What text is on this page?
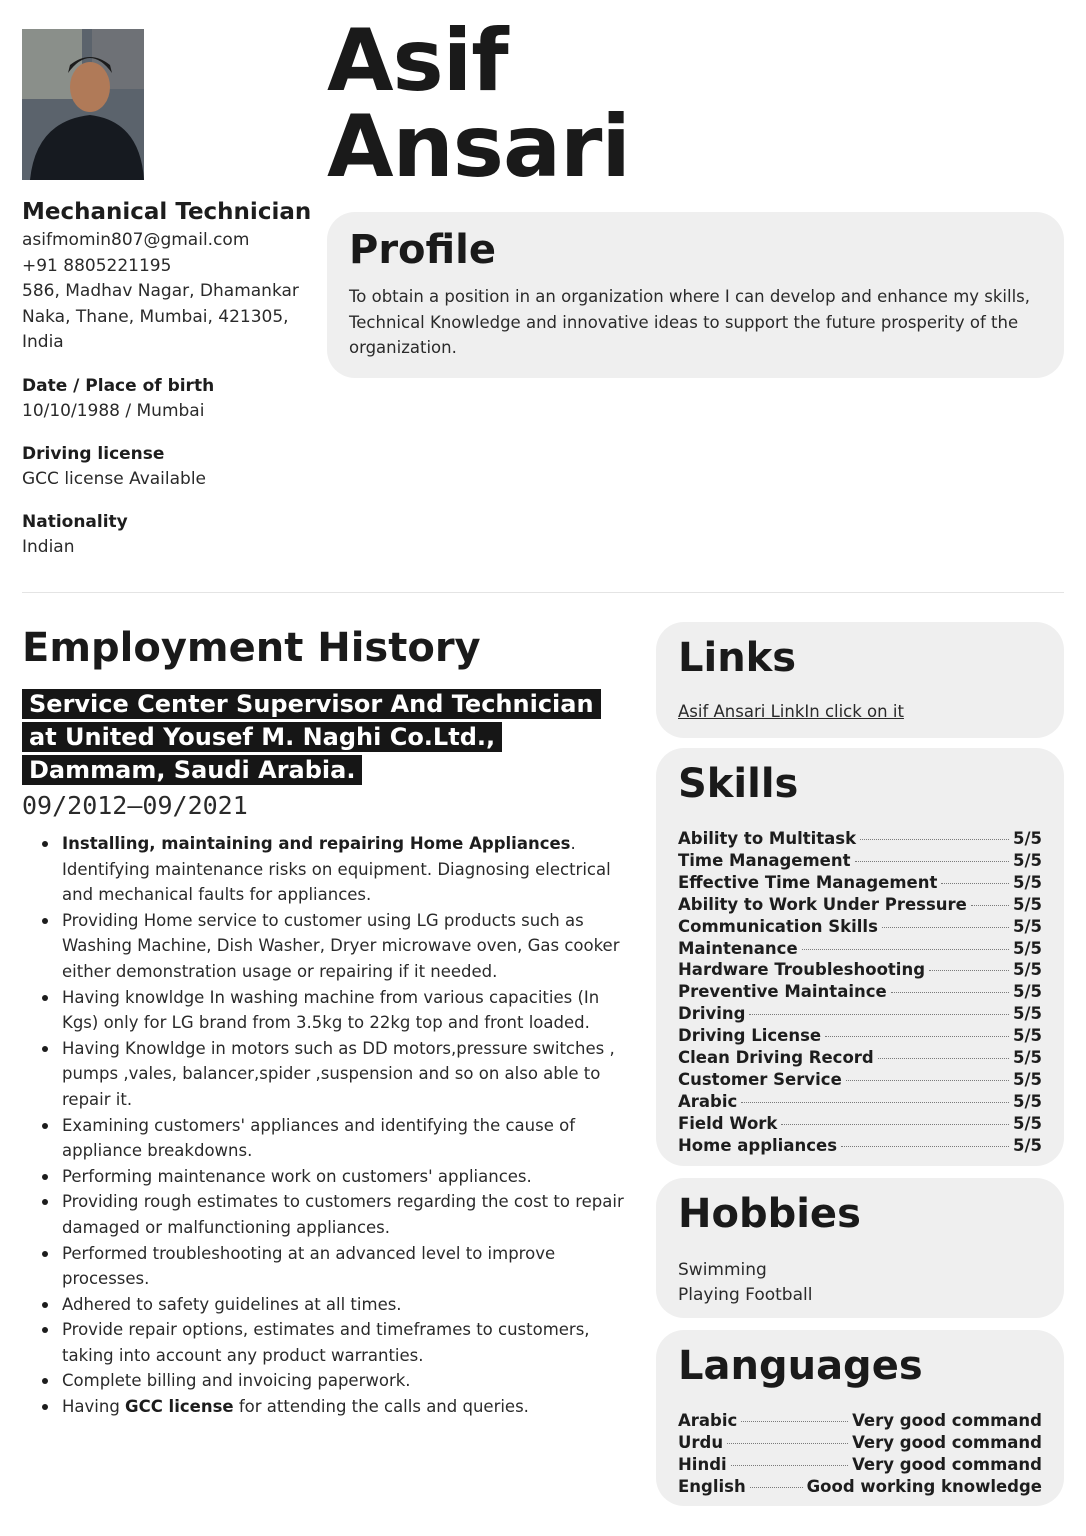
Asif
Ansari
Mechanical Technician
asifmomin807@gmail.com
+91 8805221195
586, Madhav Nagar, Dhamankar
Naka, Thane, Mumbai, 421305,
India
Date / Place of birth
10/10/1988 / Mumbai
Driving license
GCC license Available
Nationality
Indian
Profile

To obtain a position in an organization where I can develop and enhance my skills, Technical Knowledge and innovative ideas to support the future prosperity of the organization.

Employment History
Service Center Supervisor And Technician at United Yousef M. Naghi Co.Ltd., Dammam, Saudi Arabia.
09/2012—09/2021
Installing, maintaining and repairing Home Appliances. Identifying maintenance risks on equipment. Diagnosing electrical and mechanical faults for appliances.
Providing Home service to customer using LG products such as Washing Machine, Dish Washer, Dryer microwave oven, Gas cooker either demonstration usage or repairing if it needed.
Having knowldge In washing machine from various capacities (In Kgs) only for LG brand from 3.5kg to 22kg top and front loaded.
Having Knowldge in motors such as DD motors,pressure switches , pumps ,vales, balancer,spider ,suspension and so on also able to repair it.
Examining customers' appliances and identifying the cause of appliance breakdowns.
Performing maintenance work on customers' appliances.
Providing rough estimates to customers regarding the cost to repair damaged or malfunctioning appliances.
Performed troubleshooting at an advanced level to improve processes.
Adhered to safety guidelines at all times.
Provide repair options, estimates and timeframes to customers, taking into account any product warranties.
Complete billing and invoicing paperwork.
Having GCC license for attending the calls and queries.
Links
Asif Ansari LinkIn click on it
Skills
Ability to Multitask	5/5
Time Management	5/5
Effective Time Management	5/5
Ability to Work Under Pressure	5/5
Communication Skills	5/5
Maintenance	5/5
Hardware Troubleshooting	5/5
Preventive Maintaince	5/5
Driving	5/5
Driving License	5/5
Clean Driving Record	5/5
Customer Service	5/5
Arabic	5/5
Field Work	5/5
Home appliances	5/5
Hobbies
Swimming
Playing Football
Languages
Arabic	Very good command
Urdu	Very good command
Hindi	Very good command
English	Good working knowledge
